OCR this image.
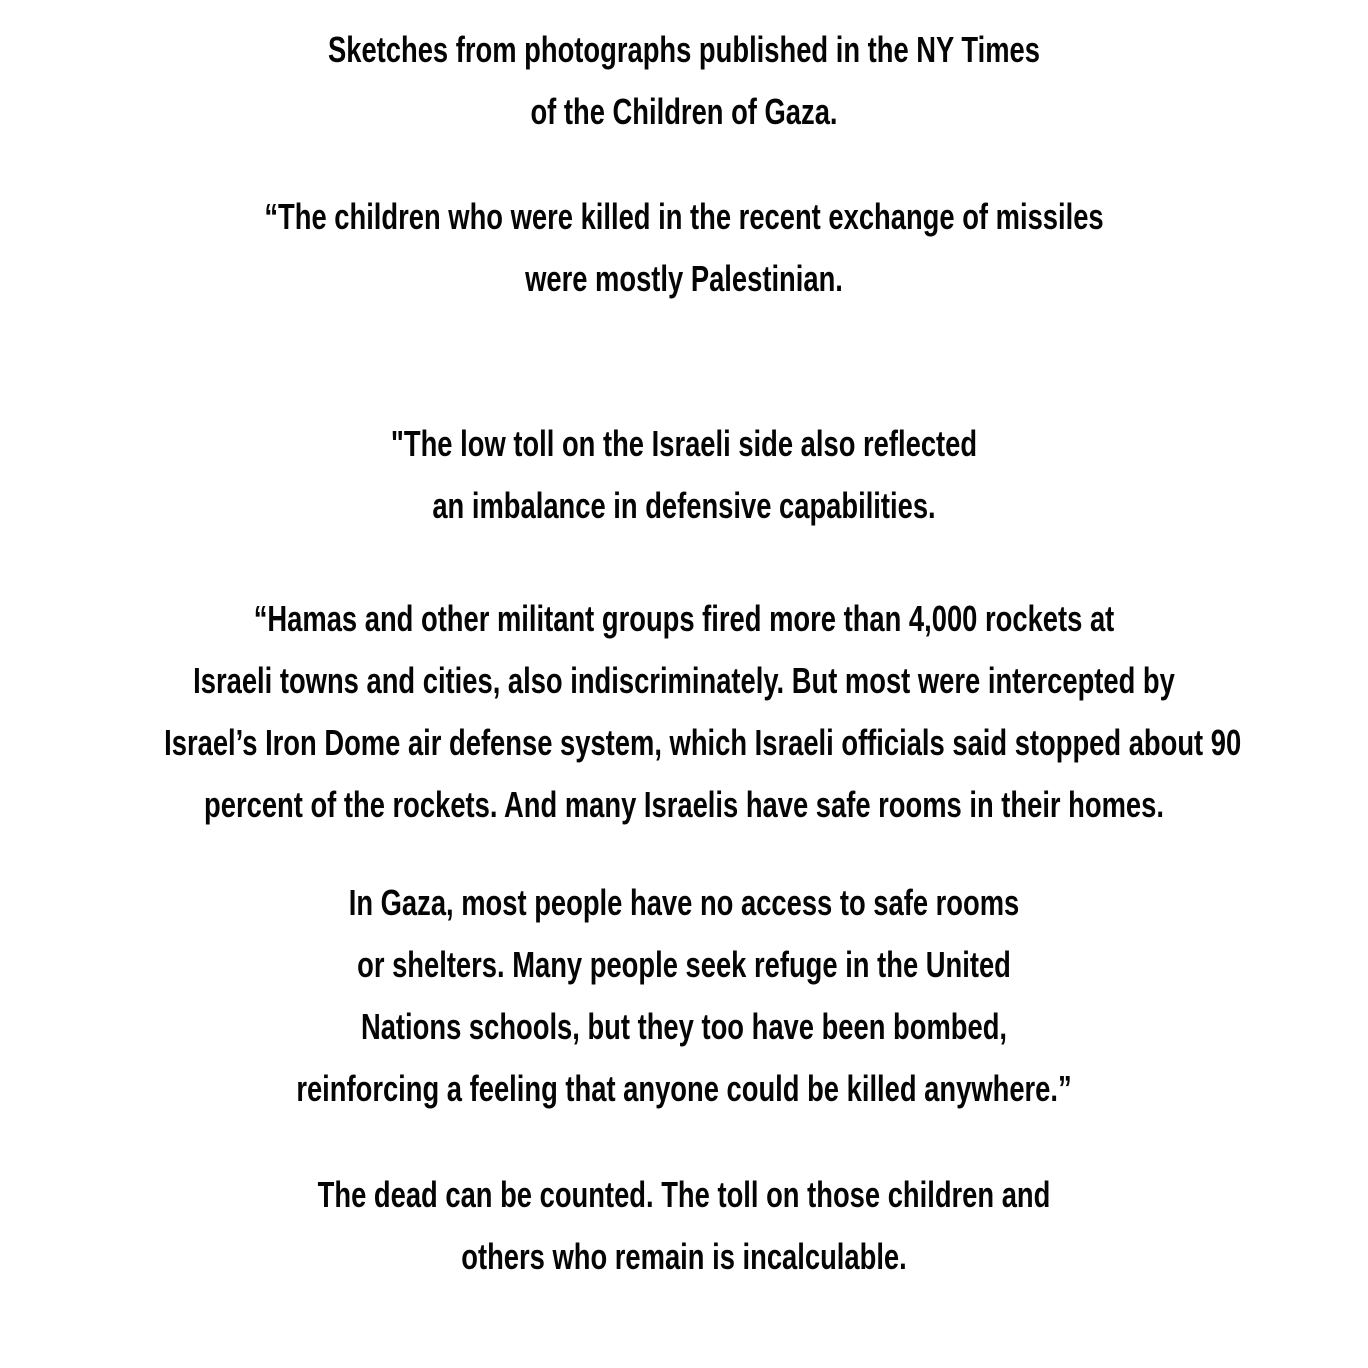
Sketches from photographs published in the NY Times
of the Children of Gaza.

“The children who were killed in the recent exchange of missiles
were mostly Palestinian.

"The low toll on the Israeli side also reflected
an imbalance in defensive capabilities.

“Hamas and other militant groups fired more than 4,000 rockets at
Israeli towns and cities, also indiscriminately. But most were intercepted by
Israel’s Iron Dome air defense system, which Israeli officials said stopped about 90
percent of the rockets. And many Israelis have safe rooms in their homes.

In Gaza, most people have no access to safe rooms
or shelters. Many people seek refuge in the United
Nations schools, but they too have been bombed,
reinforcing a feeling that anyone could be killed anywhere.”

The dead can be counted. The toll on those children and
others who remain is incalculable.
